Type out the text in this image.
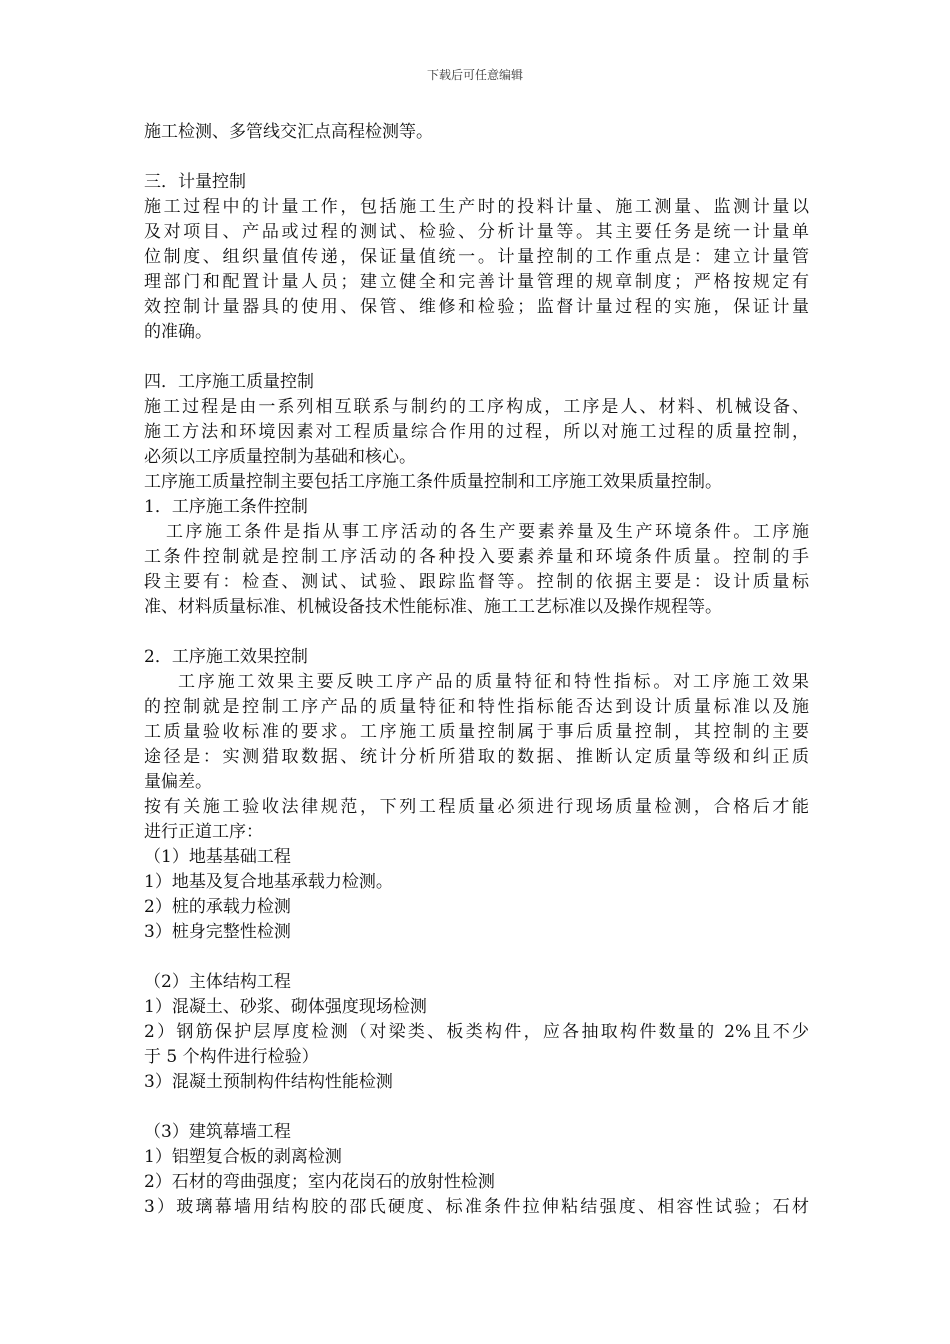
下载后可任意编辑
施工检测、多管线交汇点高程检测等。
三．计量控制
施工过程中的计量工作，包括施工生产时的投料计量、施工测量、监测计量以
及对项目、产品或过程的测试、检验、分析计量等。其主要任务是统一计量单
位制度、组织量值传递，保证量值统一。计量控制的工作重点是：建立计量管
理部门和配置计量人员；建立健全和完善计量管理的规章制度；严格按规定有
效控制计量器具的使用、保管、维修和检验；监督计量过程的实施，保证计量
的准确。
四．工序施工质量控制
施工过程是由一系列相互联系与制约的工序构成，工序是人、材料、机械设备、
施工方法和环境因素对工程质量综合作用的过程，所以对施工过程的质量控制，
必须以工序质量控制为基础和核心。
工序施工质量控制主要包括工序施工条件质量控制和工序施工效果质量控制。
1．工序施工条件控制
工序施工条件是指从事工序活动的各生产要素养量及生产环境条件。工序施
工条件控制就是控制工序活动的各种投入要素养量和环境条件质量。控制的手
段主要有：检查、测试、试验、跟踪监督等。控制的依据主要是：设计质量标
准、材料质量标准、机械设备技术性能标准、施工工艺标准以及操作规程等。
2．工序施工效果控制
工序施工效果主要反映工序产品的质量特征和特性指标。对工序施工效果
的控制就是控制工序产品的质量特征和特性指标能否达到设计质量标准以及施
工质量验收标准的要求。工序施工质量控制属于事后质量控制，其控制的主要
途径是：实测猎取数据、统计分析所猎取的数据、推断认定质量等级和纠正质
量偏差。
按有关施工验收法律规范，下列工程质量必须进行现场质量检测，合格后才能
进行正道工序：
（1）地基基础工程
1）地基及复合地基承载力检测。
2）桩的承载力检测
3）桩身完整性检测
（2）主体结构工程
1）混凝土、砂浆、砌体强度现场检测
2）钢筋保护层厚度检测（对梁类、板类构件，应各抽取构件数量的 2%且不少
于 5 个构件进行检验）
3）混凝土预制构件结构性能检测
（3）建筑幕墙工程
1）铝塑复合板的剥离检测
2）石材的弯曲强度；室内花岗石的放射性检测
3）玻璃幕墙用结构胶的邵氏硬度、标准条件拉伸粘结强度、相容性试验；石材
